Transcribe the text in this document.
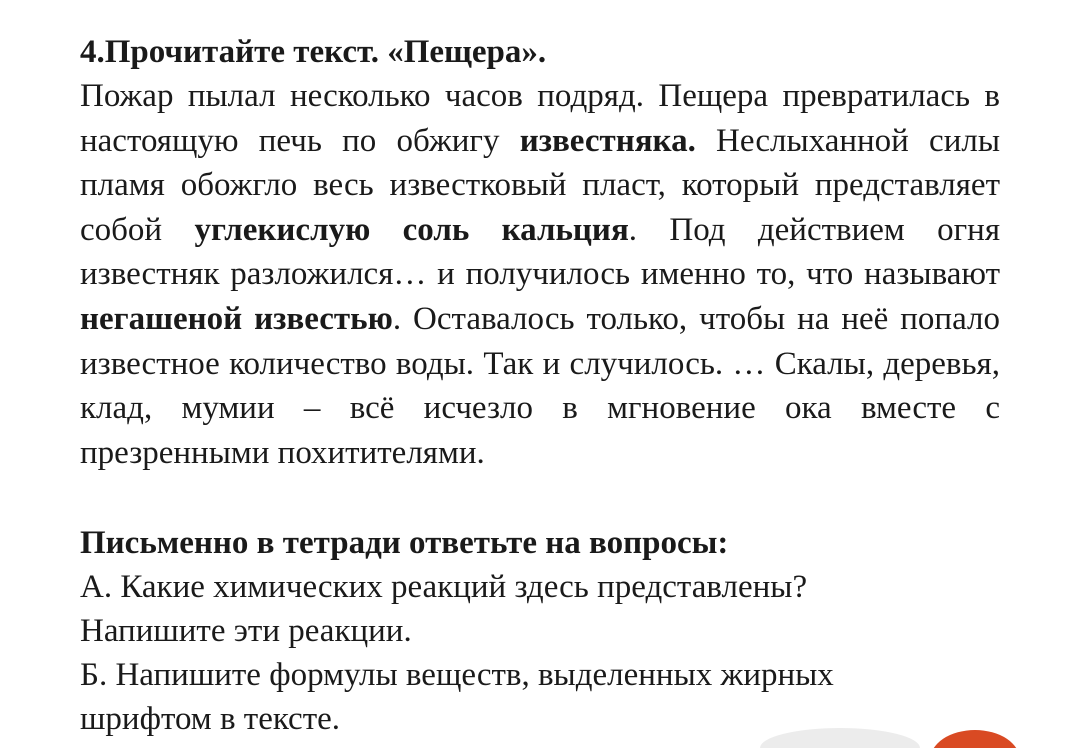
4.Прочитайте текст. «Пещера».

Пожар пылал несколько часов подряд. Пещера превратилась в настоящую печь по обжигу известняка. Неслыханной силы пламя обожгло весь известковый пласт, который представляет собой углекислую соль кальция. Под действием огня известняк разложился… и получилось именно то, что называют негашеной известью. Оставалось только, чтобы на неё попало известное количество воды. Так и случилось. … Скалы, деревья, клад, мумии – всё исчезло в мгновение ока вместе с презренными похитителями.

Письменно в тетради ответьте на вопросы:

А. Какие химических реакций здесь представлены?

Напишите эти реакции.

Б. Напишите формулы веществ, выделенных жирных

шрифтом в тексте.
